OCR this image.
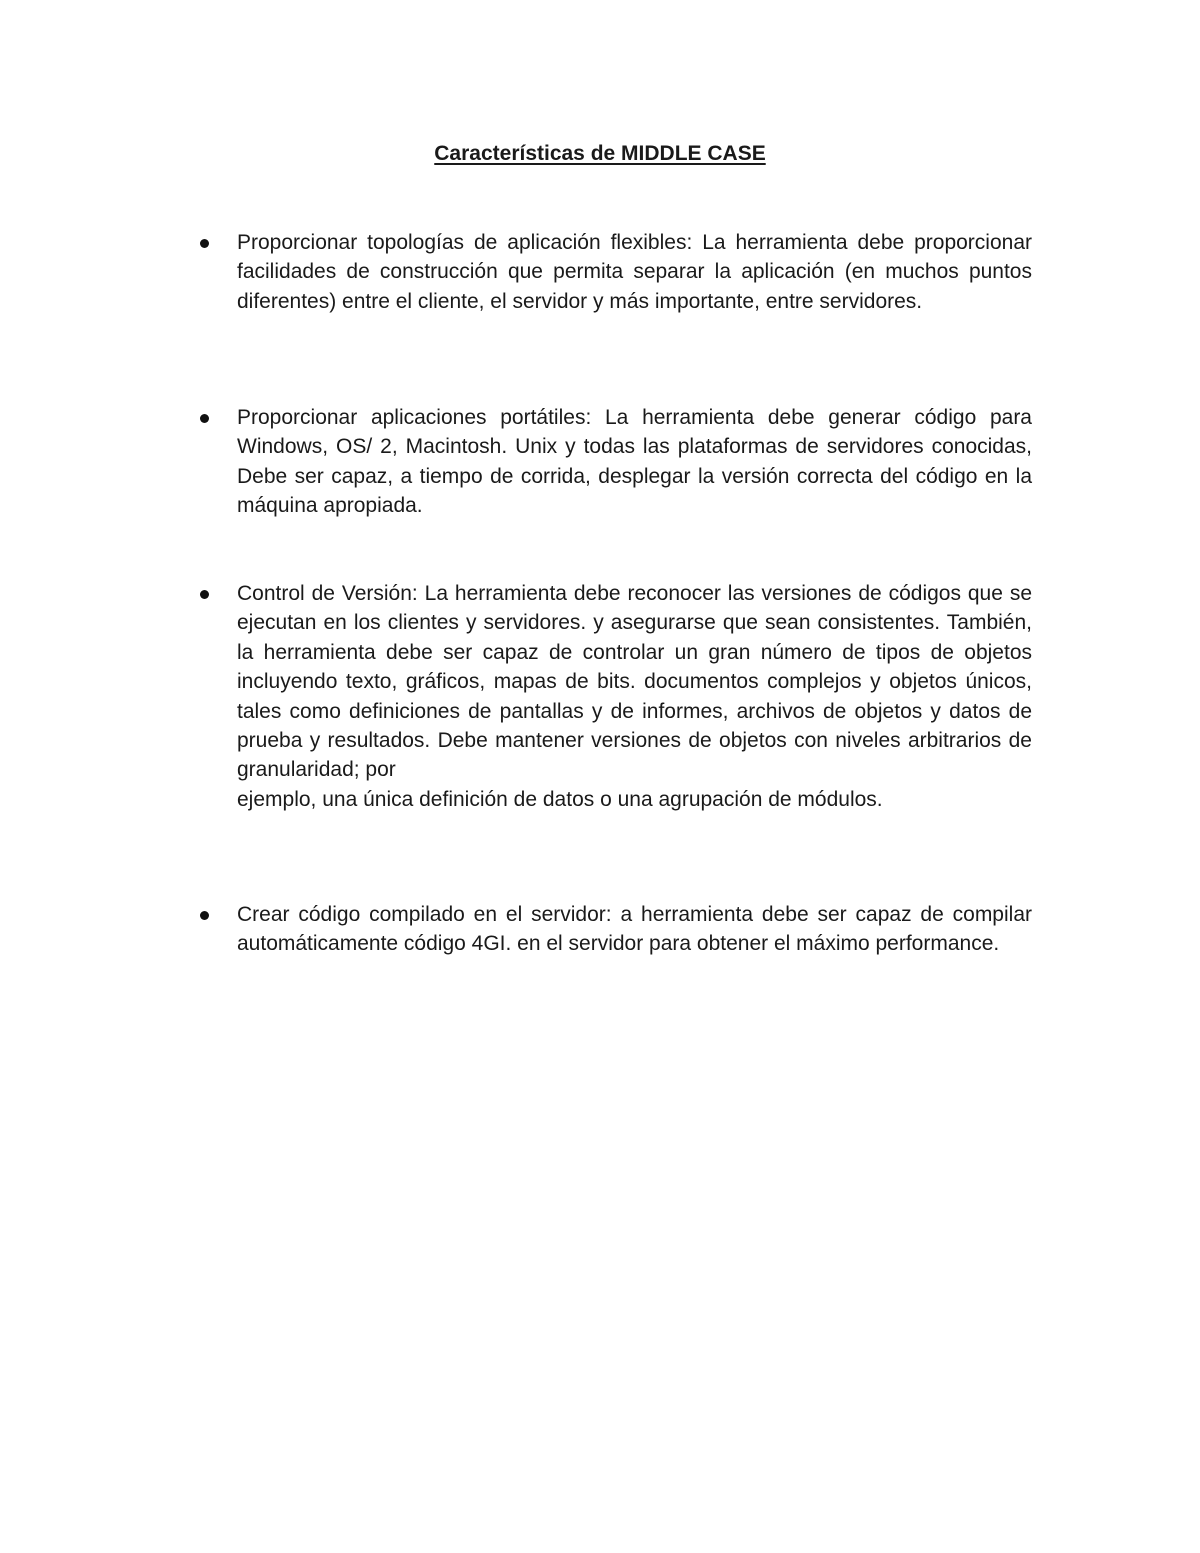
Características de MIDDLE CASE

Proporcionar topologías de aplicación flexibles: La herramienta debe proporcionar facilidades de construcción que permita separar la aplicación (en muchos puntos diferentes) entre el cliente, el servidor y más importante, entre servidores.

Proporcionar aplicaciones portátiles: La herramienta debe generar código para Windows, OS/ 2, Macintosh. Unix y todas las plataformas de servidores conocidas, Debe ser capaz, a tiempo de corrida, desplegar la versión correcta del código en la máquina apropiada.

Control de Versión: La herramienta debe reconocer las versiones de códigos que se ejecutan en los clientes y servidores. y asegurarse que sean consistentes. También, la herramienta debe ser capaz de controlar un gran número de tipos de objetos incluyendo texto, gráficos, mapas de bits. documentos complejos y objetos únicos, tales como definiciones de pantallas y de informes, archivos de objetos y datos de prueba y resultados. Debe mantener versiones de objetos con niveles arbitrarios de granularidad; por

ejemplo, una única definición de datos o una agrupación de módulos.

Crear código compilado en el servidor: a herramienta debe ser capaz de compilar automáticamente código 4GI. en el servidor para obtener el máximo performance.
